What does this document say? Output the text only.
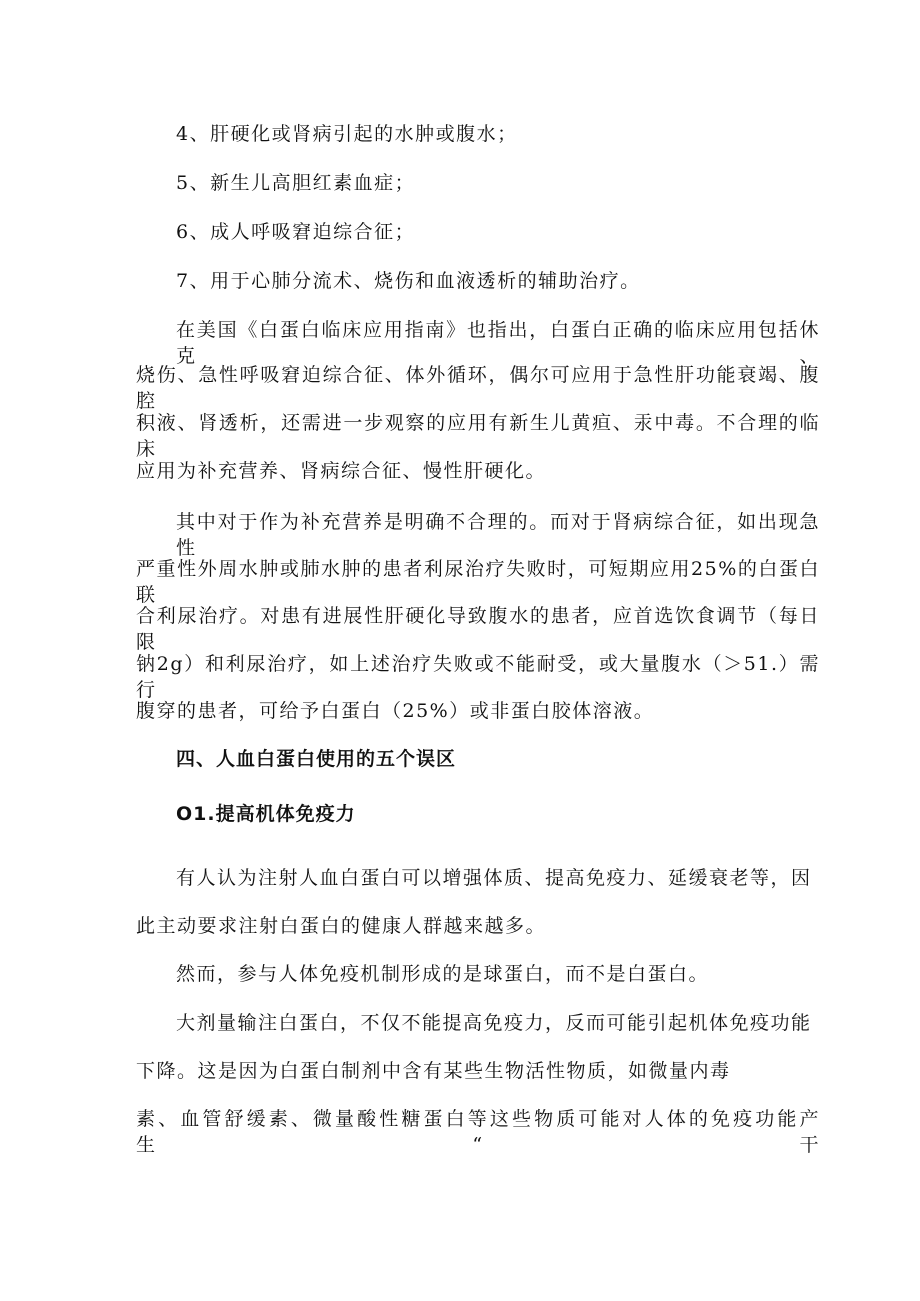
4、肝硬化或肾病引起的水肿或腹水；
5、新生儿高胆红素血症；
6、成人呼吸窘迫综合征；
7、用于心肺分流术、烧伤和血液透析的辅助治疗。
在美国《白蛋白临床应用指南》也指出，白蛋白正确的临床应用包括休克、
烧伤、急性呼吸窘迫综合征、体外循环，偶尔可应用于急性肝功能衰竭、腹腔
积液、肾透析，还需进一步观察的应用有新生儿黄疸、汞中毒。不合理的临床
应用为补充营养、肾病综合征、慢性肝硬化。
其中对于作为补充营养是明确不合理的。而对于肾病综合征，如出现急性
严重性外周水肿或肺水肿的患者利尿治疗失败时，可短期应用25%的白蛋白联
合利尿治疗。对患有进展性肝硬化导致腹水的患者，应首选饮食调节（每日限
钠2g）和利尿治疗，如上述治疗失败或不能耐受，或大量腹水（＞51.）需行
腹穿的患者，可给予白蛋白（25%）或非蛋白胶体溶液。
四、人血白蛋白使用的五个误区
O1.提高机体免疫力
有人认为注射人血白蛋白可以增强体质、提高免疫力、延缓衰老等，因
此主动要求注射白蛋白的健康人群越来越多。
然而，参与人体免疫机制形成的是球蛋白，而不是白蛋白。
大剂量输注白蛋白，不仅不能提高免疫力，反而可能引起机体免疫功能
下降。这是因为白蛋白制剂中含有某些生物活性物质，如微量内毒
素、血管舒缓素、微量酸性糖蛋白等这些物质可能对人体的免疫功能产生“干
